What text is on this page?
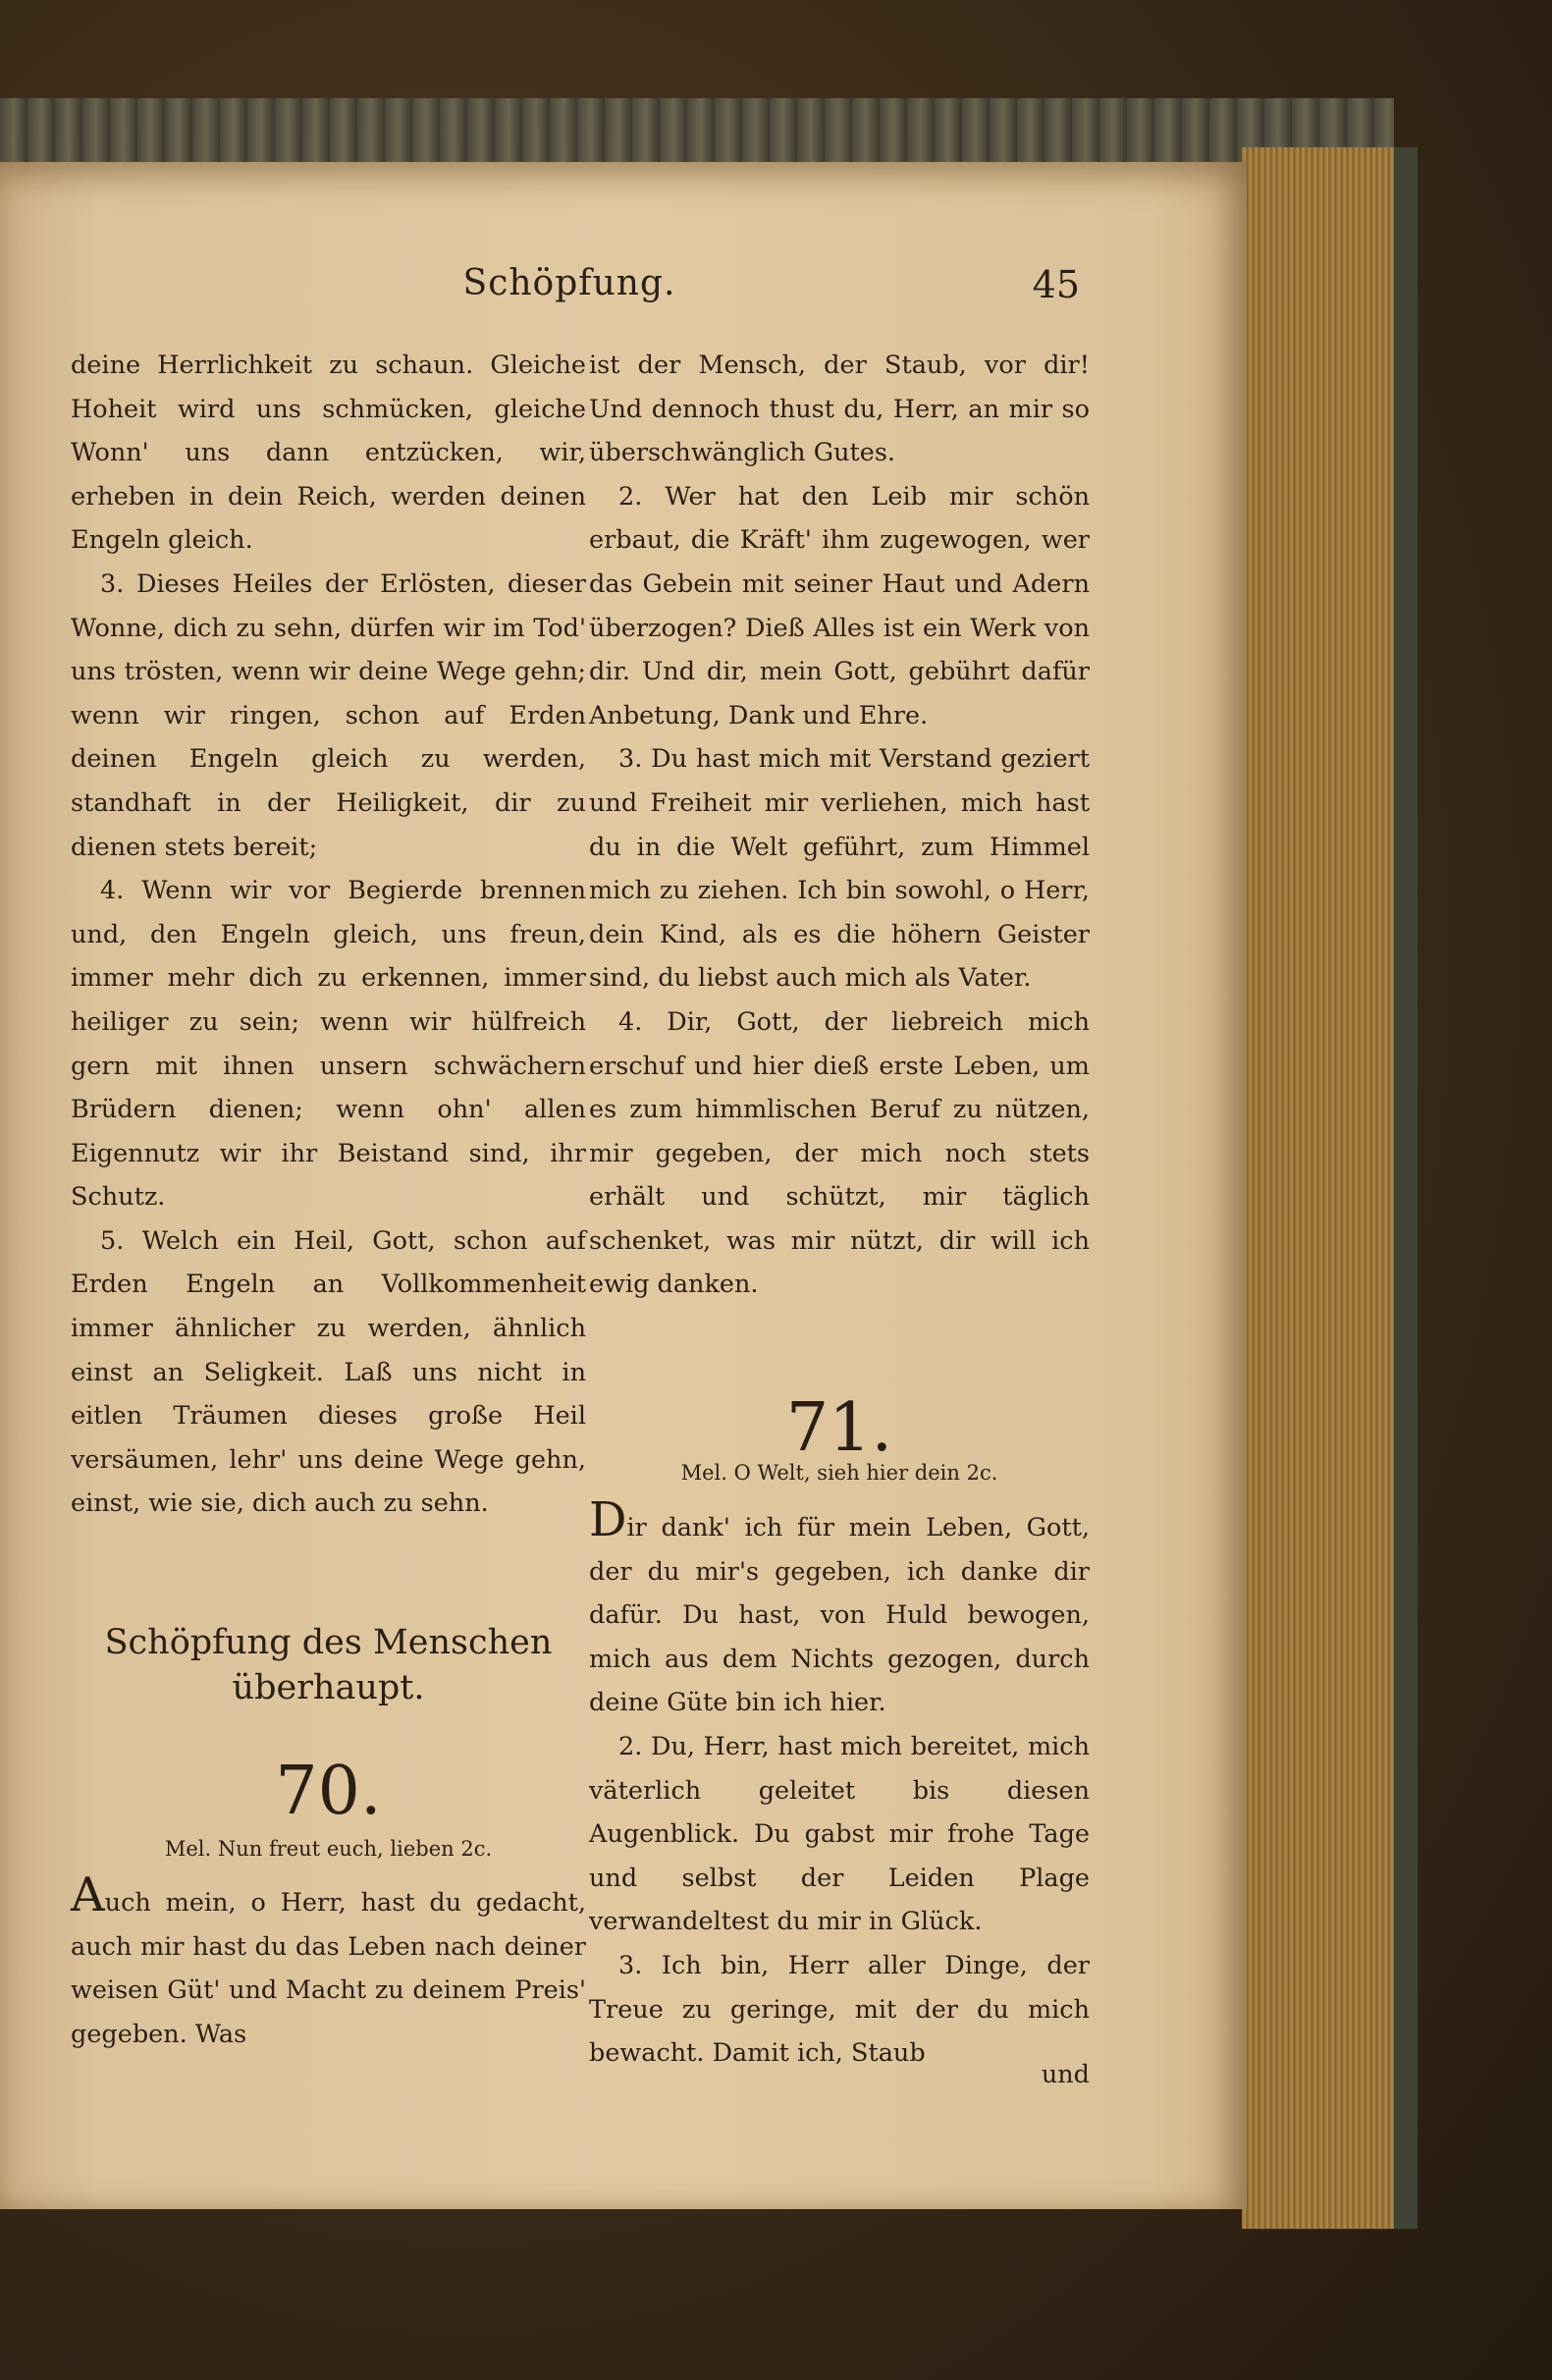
Schöpfung.	45

deine Herrlichkeit zu schaun. Gleiche Hoheit wird uns schmücken, gleiche Wonn' uns dann entzücken, wir, erheben in dein Reich, werden deinen Engeln gleich.

3. Dieses Heiles der Erlösten, dieser Wonne, dich zu sehn, dürfen wir im Tod' uns trösten, wenn wir deine Wege gehn; wenn wir ringen, schon auf Erden deinen Engeln gleich zu werden, standhaft in der Heiligkeit, dir zu dienen stets bereit;

4. Wenn wir vor Begierde brennen und, den Engeln gleich, uns freun, immer mehr dich zu erkennen, immer heiliger zu sein; wenn wir hülfreich gern mit ihnen unsern schwächern Brüdern dienen; wenn ohn' allen Eigennutz wir ihr Beistand sind, ihr Schutz.

5. Welch ein Heil, Gott, schon auf Erden Engeln an Vollkommenheit immer ähnlicher zu werden, ähnlich einst an Seligkeit. Laß uns nicht in eitlen Träumen dieses große Heil versäumen, lehr' uns deine Wege gehn, einst, wie sie, dich auch zu sehn.

Schöpfung des Menschen
überhaupt.
70.
Mel. Nun freut euch, lieben 2c.

Auch mein, o Herr, hast du gedacht, auch mir hast du das Leben nach deiner weisen Güt' und Macht zu deinem Preis' gegeben. Was

ist der Mensch, der Staub, vor dir! Und dennoch thust du, Herr, an mir so überschwänglich Gutes.

2. Wer hat den Leib mir schön erbaut, die Kräft' ihm zugewogen, wer das Gebein mit seiner Haut und Adern überzogen? Dieß Alles ist ein Werk von dir. Und dir, mein Gott, gebührt dafür Anbetung, Dank und Ehre.

3. Du hast mich mit Verstand geziert und Freiheit mir verliehen, mich hast du in die Welt geführt, zum Himmel mich zu ziehen. Ich bin sowohl, o Herr, dein Kind, als es die höhern Geister sind, du liebst auch mich als Vater.

4. Dir, Gott, der liebreich mich erschuf und hier dieß erste Leben, um es zum himmlischen Beruf zu nützen, mir gegeben, der mich noch stets erhält und schützt, mir täglich schenket, was mir nützt, dir will ich ewig danken.

71.
Mel. O Welt, sieh hier dein 2c.

Dir dank' ich für mein Leben, Gott, der du mir's gegeben, ich danke dir dafür. Du hast, von Huld bewogen, mich aus dem Nichts gezogen, durch deine Güte bin ich hier.

2. Du, Herr, hast mich bereitet, mich väterlich geleitet bis diesen Augenblick. Du gabst mir frohe Tage und selbst der Leiden Plage verwandeltest du mir in Glück.

3. Ich bin, Herr aller Dinge, der Treue zu geringe, mit der du mich bewacht. Damit ich, Staub

und
